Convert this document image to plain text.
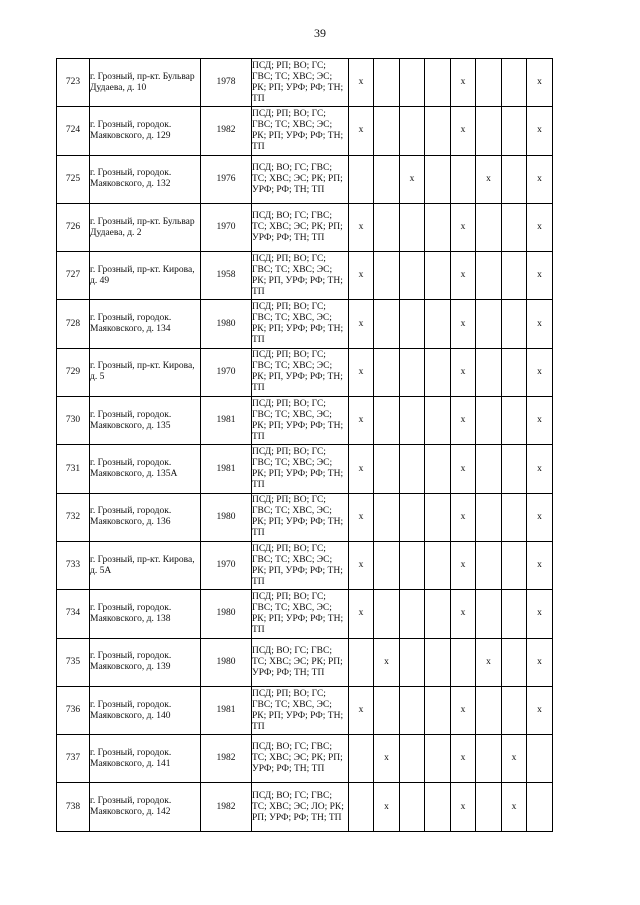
39
723	г. Грозный, пр-кт. Бульвар Дудаева, д. 10	1978	ПСД; РП; ВО; ГС; ГВС; ТС; ХВС; ЭС; РК; РП; УРФ; РФ; ТН; ТП	х				х			х
724	г. Грозный, городок. Маяковского, д. 129	1982	ПСД; РП; ВО; ГС; ГВС; ТС; ХВС; ЭС; РК; РП; УРФ; РФ; ТН; ТП	х				х			х
725	г. Грозный, городок. Маяковского, д. 132	1976	ПСД; ВО; ГС; ГВС; ТС; ХВС; ЭС; РК; РП; УРФ; РФ; ТН; ТП			х			х		х
726	г. Грозный, пр-кт. Бульвар Дудаева, д. 2	1970	ПСД; ВО; ГС; ГВС; ТС; ХВС; ЭС; РК; РП; УРФ; РФ; ТН; ТП	х				х			х
727	г. Грозный, пр-кт. Кирова, д. 49	1958	ПСД; РП; ВО; ГС; ГВС; ТС; ХВС; ЭС; РК; РП, УРФ; РФ; ТН; ТП	х				х			х
728	г. Грозный, городок. Маяковского, д. 134	1980	ПСД; РП; ВО; ГС; ГВС; ТС; ХВС, ЭС; РК; РП; УРФ; РФ; ТН; ТП	х				х			х
729	г. Грозный, пр-кт. Кирова, д. 5	1970	ПСД; РП; ВО; ГС; ГВС; ТС; ХВС; ЭС; РК; РП, УРФ; РФ; ТН; ТП	х				х			х
730	г. Грозный, городок. Маяковского, д. 135	1981	ПСД; РП; ВО; ГС; ГВС; ТС; ХВС, ЭС; РК; РП; УРФ; РФ; ТН; ТП	х				х			х
731	г. Грозный, городок. Маяковского, д. 135А	1981	ПСД; РП; ВО; ГС; ГВС; ТС; ХВС; ЭС; РК; РП; УРФ; РФ; ТН; ТП	х				х			х
732	г. Грозный, городок. Маяковского, д. 136	1980	ПСД; РП; ВО; ГС; ГВС; ТС; ХВС, ЭС; РК; РП; УРФ; РФ; ТН; ТП	х				х			х
733	г. Грозный, пр-кт. Кирова, д. 5А	1970	ПСД; РП; ВО; ГС; ГВС; ТС; ХВС; ЭС; РК; РП, УРФ; РФ; ТН; ТП	х				х			х
734	г. Грозный, городок. Маяковского, д. 138	1980	ПСД; РП; ВО; ГС; ГВС; ТС; ХВС, ЭС; РК; РП; УРФ; РФ; ТН; ТП	х				х			х
735	г. Грозный, городок. Маяковского, д. 139	1980	ПСД; ВО; ГС; ГВС; ТС; ХВС; ЭС; РК; РП; УРФ; РФ; ТН; ТП		х				х		х
736	г. Грозный, городок. Маяковского, д. 140	1981	ПСД; РП; ВО; ГС; ГВС; ТС; ХВС, ЭС; РК; РП; УРФ; РФ; ТН; ТП	х				х			х
737	г. Грозный, городок. Маяковского, д. 141	1982	ПСД; ВО; ГС; ГВС; ТС; ХВС; ЭС; РК; РП; УРФ; РФ; ТН; ТП		х			х		х	
738	г. Грозный, городок. Маяковского, д. 142	1982	ПСД; ВО; ГС; ГВС; ТС; ХВС; ЭС; ЛО; РК; РП; УРФ; РФ; ТН; ТП		х			х		х	
